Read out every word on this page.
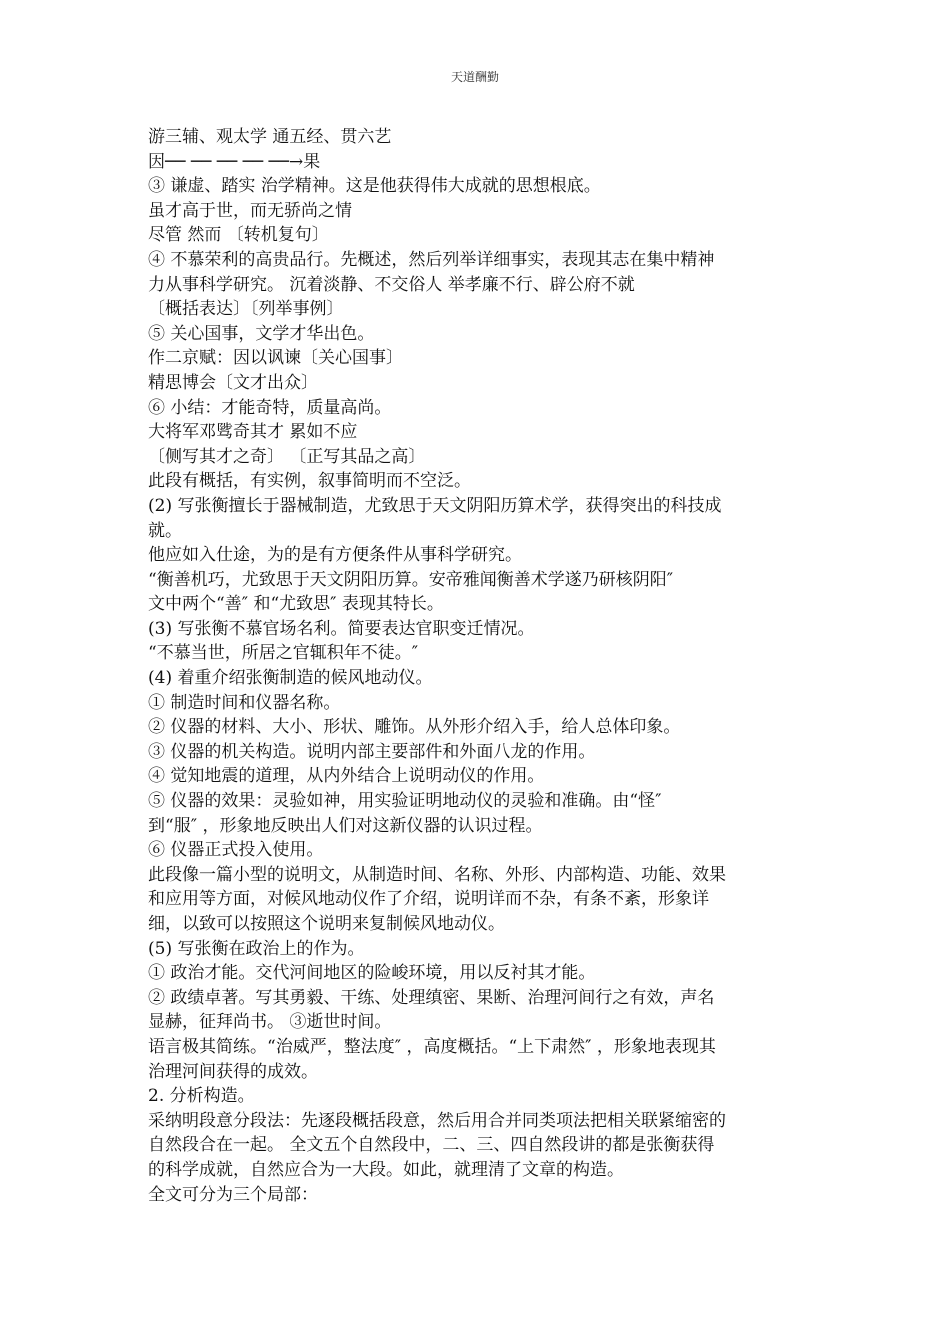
天道酬勤
游三辅、观太学 通五经、贯六艺
因── ── ── ── ──→果
③ 谦虚、踏实 治学精神。这是他获得伟大成就的思想根底。
虽才高于世，而无骄尚之情
尽管 然而 〔转机复句〕
④ 不慕荣利的高贵品行。先概述，然后列举详细事实，表现其志在集中精神
力从事科学研究。 沉着淡静、不交俗人 举孝廉不行、辟公府不就
〔概括表达〕〔列举事例〕
⑤ 关心国事，文学才华出色。
作二京赋：因以讽谏〔关心国事〕
精思博会〔文才出众〕
⑥ 小结：才能奇特，质量高尚。
大将军邓骘奇其才 累如不应
〔侧写其才之奇〕 〔正写其品之高〕
此段有概括，有实例，叙事简明而不空泛。
(2) 写张衡擅长于器械制造，尤致思于天文阴阳历算术学，获得突出的科技成
就。
他应如入仕途，为的是有方便条件从事科学研究。
“衡善机巧，尤致思于天文阴阳历算。安帝雅闻衡善术学遂乃研核阴阳″
文中两个“善″ 和“尤致思″ 表现其特长。
(3) 写张衡不慕官场名利。简要表达官职变迁情况。
“不慕当世，所居之官辄积年不徒。″
(4) 着重介绍张衡制造的候风地动仪。
① 制造时间和仪器名称。
② 仪器的材料、大小、形状、雕饰。从外形介绍入手，给人总体印象。
③ 仪器的机关构造。说明内部主要部件和外面八龙的作用。
④ 觉知地震的道理，从内外结合上说明动仪的作用。
⑤ 仪器的效果：灵验如神，用实验证明地动仪的灵验和准确。由“怪″
到“服″ ，形象地反映出人们对这新仪器的认识过程。
⑥ 仪器正式投入使用。
此段像一篇小型的说明文，从制造时间、名称、外形、内部构造、功能、效果
和应用等方面，对候风地动仪作了介绍，说明详而不杂，有条不紊，形象详
细，以致可以按照这个说明来复制候风地动仪。
(5) 写张衡在政治上的作为。
① 政治才能。交代河间地区的险峻环境，用以反衬其才能。
② 政绩卓著。写其勇毅、干练、处理缜密、果断、治理河间行之有效，声名
显赫，征拜尚书。 ③逝世时间。
语言极其简练。“治威严，整法度″ ，高度概括。“上下肃然″ ，形象地表现其
治理河间获得的成效。
2. 分析构造。
采纳明段意分段法：先逐段概括段意，然后用合并同类项法把相关联紧缩密的
自然段合在一起。 全文五个自然段中，二、三、四自然段讲的都是张衡获得
的科学成就，自然应合为一大段。如此，就理清了文章的构造。
全文可分为三个局部：
